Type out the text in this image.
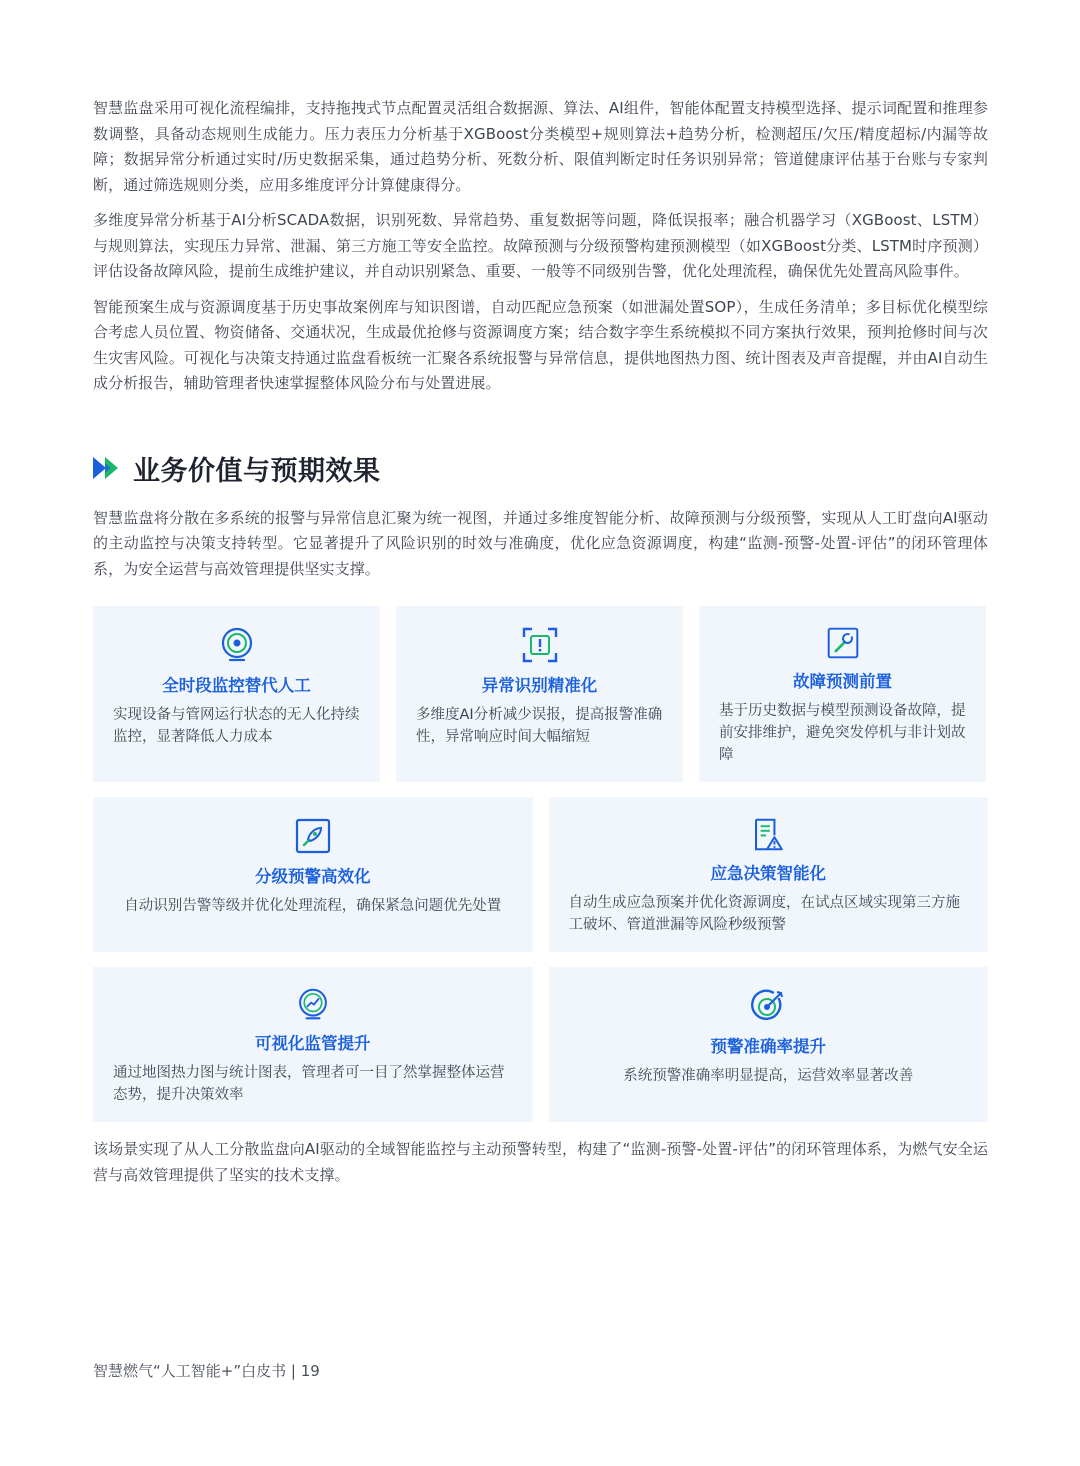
智慧监盘采用可视化流程编排，支持拖拽式节点配置灵活组合数据源、算法、AI组件，智能体配置支持模型选择、提示词配置和推理参数调整，具备动态规则生成能力。压力表压力分析基于XGBoost分类模型+规则算法+趋势分析，检测超压/欠压/精度超标/内漏等故障；数据异常分析通过实时/历史数据采集，通过趋势分析、死数分析、限值判断定时任务识别异常；管道健康评估基于台账与专家判断，通过筛选规则分类，应用多维度评分计算健康得分。

多维度异常分析基于AI分析SCADA数据，识别死数、异常趋势、重复数据等问题，降低误报率；融合机器学习（XGBoost、LSTM）与规则算法，实现压力异常、泄漏、第三方施工等安全监控。故障预测与分级预警构建预测模型（如XGBoost分类、LSTM时序预测）评估设备故障风险，提前生成维护建议，并自动识别紧急、重要、一般等不同级别告警，优化处理流程，确保优先处置高风险事件。

智能预案生成与资源调度基于历史事故案例库与知识图谱，自动匹配应急预案（如泄漏处置SOP），生成任务清单；多目标优化模型综合考虑人员位置、物资储备、交通状况，生成最优抢修与资源调度方案；结合数字孪生系统模拟不同方案执行效果，预判抢修时间与次生灾害风险。可视化与决策支持通过监盘看板统一汇聚各系统报警与异常信息，提供地图热力图、统计图表及声音提醒，并由AI自动生成分析报告，辅助管理者快速掌握整体风险分布与处置进展。

业务价值与预期效果

智慧监盘将分散在多系统的报警与异常信息汇聚为统一视图，并通过多维度智能分析、故障预测与分级预警，实现从人工盯盘向AI驱动的主动监控与决策支持转型。它显著提升了风险识别的时效与准确度，优化应急资源调度，构建“监测-预警-处置-评估”的闭环管理体系，为安全运营与高效管理提供坚实支撑。

全时段监控替代人工
实现设备与管网运行状态的无人化持续监控，显著降低人力成本
异常识别精准化
多维度AI分析减少误报，提高报警准确性，异常响应时间大幅缩短
故障预测前置
基于历史数据与模型预测设备故障，提前安排维护，避免突发停机与非计划故障
分级预警高效化
自动识别告警等级并优化处理流程，确保紧急问题优先处置
应急决策智能化
自动生成应急预案并优化资源调度，在试点区域实现第三方施工破坏、管道泄漏等风险秒级预警
可视化监管提升
通过地图热力图与统计图表，管理者可一目了然掌握整体运营态势，提升决策效率
预警准确率提升
系统预警准确率明显提高，运营效率显著改善

该场景实现了从人工分散监盘向AI驱动的全域智能监控与主动预警转型，构建了“监测-预警-处置-评估”的闭环管理体系，为燃气安全运营与高效管理提供了坚实的技术支撑。

智慧燃气“人工智能+”白皮书 | 19
